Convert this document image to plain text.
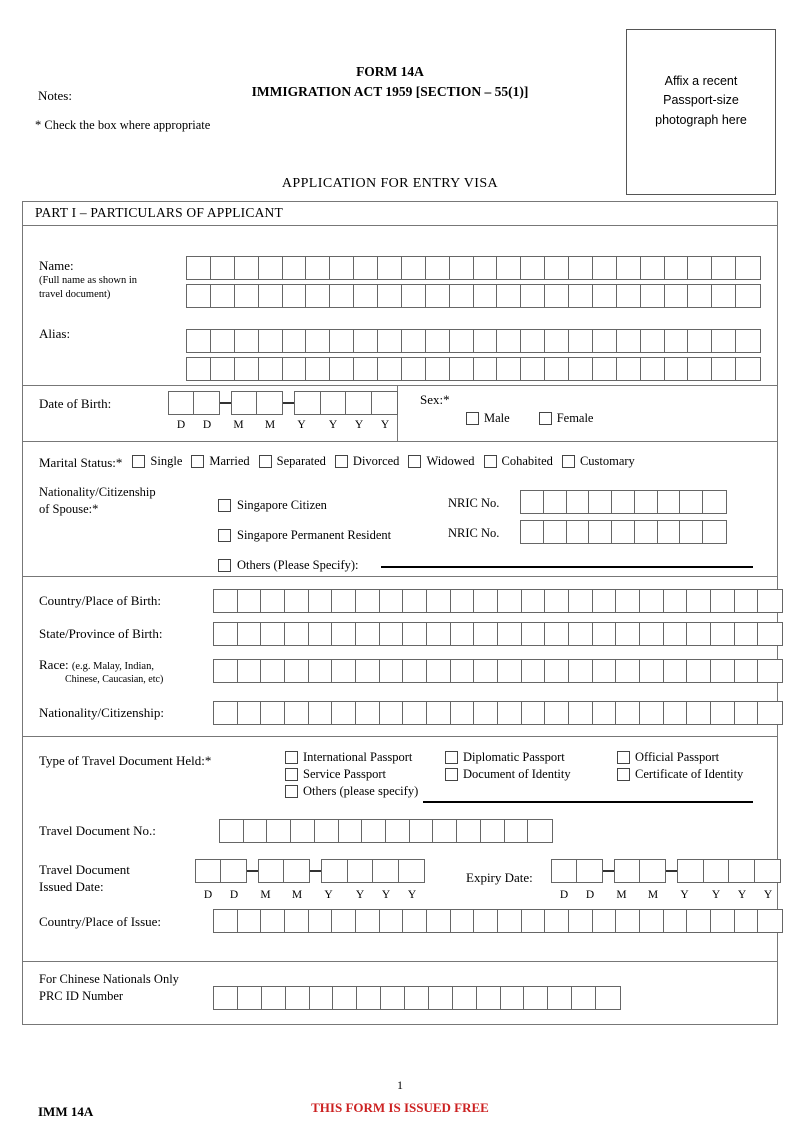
Notes:
* Check the box where appropriate
FORM 14A
IMMIGRATION ACT 1959 [SECTION – 55(1)]
APPLICATION FOR ENTRY VISA
Affix a recent
Passport-size
photograph here
PART I – PARTICULARS OF APPLICANT
Name:
(Full name as shown in
travel document)
Alias:
Date of Birth:
D	D	M	M	Y	Y	Y	Y
Sex:*
Male	Female
Marital Status:* Single Married Separated Divorced Widowed Cohabited Customary
Nationality/Citizenship
of Spouse:*	Singapore Citizen
Singapore Permanent Resident
Others (Please Specify):
NRIC No.
NRIC No.
Country/Place of Birth:
State/Province of Birth:
Race: (e.g. Malay, Indian,
Chinese, Caucasian, etc)
Nationality/Citizenship:
Type of Travel Document Held:*	International Passport	Diplomatic Passport	Official Passport
Service Passport	Document of Identity	Certificate of Identity
Others (please specify)
Travel Document No.:
Travel Document
Issued Date:
D	D	M	M	Y	Y	Y	Y
Expiry Date:
D	D	M	M	Y	Y	Y	Y
Country/Place of Issue:
For Chinese Nationals Only
PRC ID Number
1
THIS FORM IS ISSUED FREE
IMM 14A
